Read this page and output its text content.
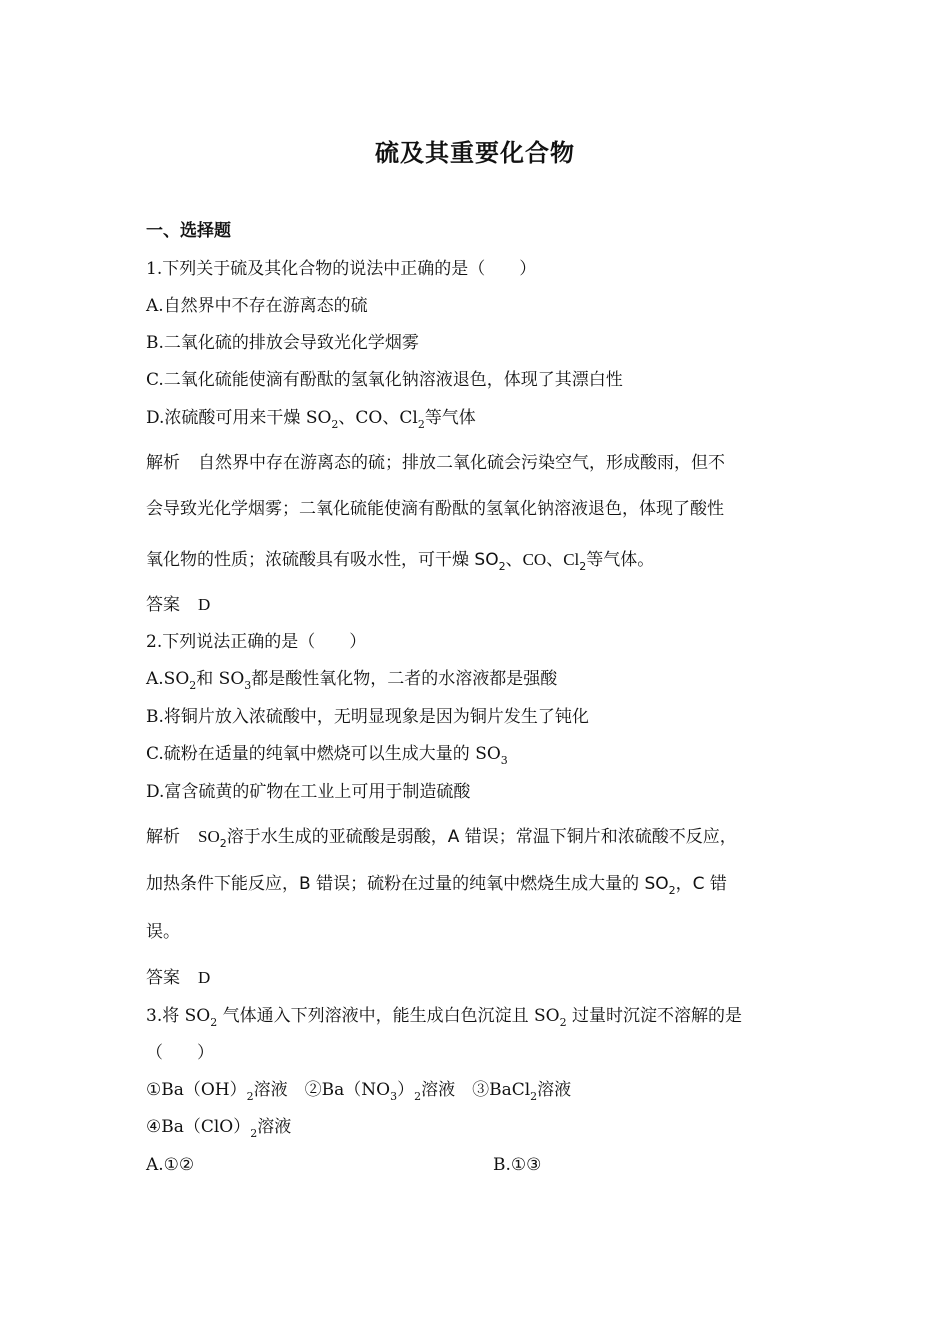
硫及其重要化合物
一、选择题
1.下列关于硫及其化合物的说法中正确的是（　　）
A.自然界中不存在游离态的硫
B.二氧化硫的排放会导致光化学烟雾
C.二氧化硫能使滴有酚酞的氢氧化钠溶液退色，体现了其漂白性
D.浓硫酸可用来干燥 $SO_2$、CO、$Cl_2$等气体
解析 自然界中存在游离态的硫；排放二氧化硫会污染空气，形成酸雨，但不
会导致光化学烟雾；二氧化硫能使滴有酚酞的氢氧化钠溶液退色，体现了酸性
氧化物的性质；浓硫酸具有吸水性，可干燥 $SO_2$、CO、$Cl_2$等气体。
答案 D
2.下列说法正确的是（　　）
$A.SO_2$和 $SO_3$都是酸性氧化物，二者的水溶液都是强酸
B.将铜片放入浓硫酸中，无明显现象是因为铜片发生了钝化
C.硫粉在适量的纯氧中燃烧可以生成大量的 $SO_3$
D.富含硫黄的矿物在工业上可用于制造硫酸
解析 $SO_2$溶于水生成的亚硫酸是弱酸，A 错误；常温下铜片和浓硫酸不反应，
加热条件下能反应，B 错误；硫粉在过量的纯氧中燃烧生成大量的 $SO_2$，C 错
误。
答案 D
3.将 $SO_2$ 气体通入下列溶液中，能生成白色沉淀且 $SO_2$ 过量时沉淀不溶解的是
（　　）
$①Ba(OH)_2$溶液　$②Ba(NO_3)_2$溶液　③BaCl$_2$溶液
$④Ba(ClO)_2$溶液
A.①②	B.①③
